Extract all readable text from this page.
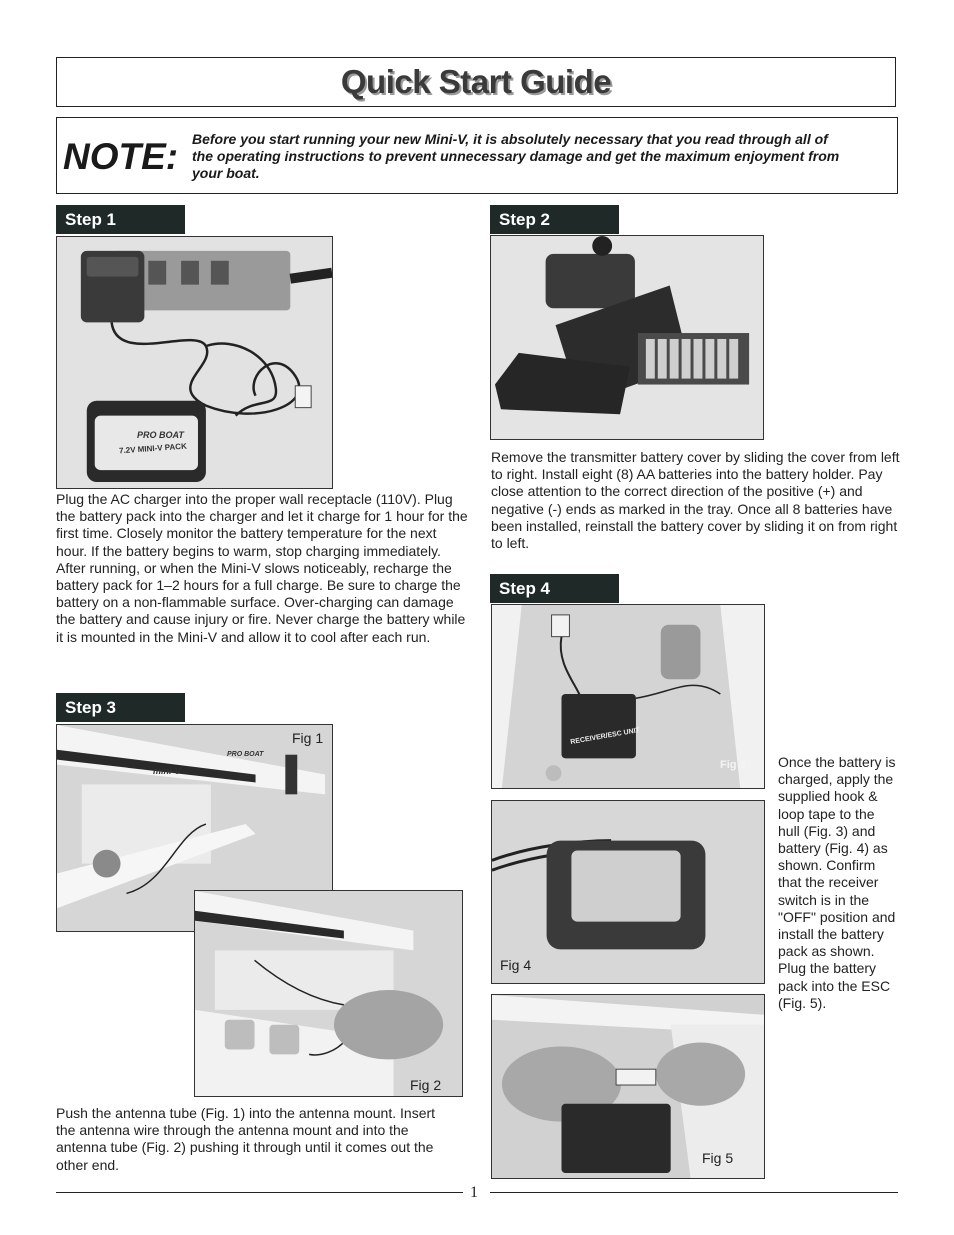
Quick Start Guide
NOTE: Before you start running your new Mini-V, it is absolutely necessary that you read through all of the operating instructions to prevent unnecessary damage and get the maximum enjoyment from your boat.
Step 1
PRO BOAT
7.2V MINI-V PACK

Plug the AC charger into the proper wall receptacle (110V). Plug the battery pack into the charger and let it charge for 1 hour for the first time. Closely monitor the battery temperature for the next hour. If the battery begins to warm, stop charging immediately.
After running, or when the Mini-V slows noticeably, recharge the battery pack for 1–2 hours for a full charge. Be sure to charge the battery on a non-flammable surface. Over-charging can damage the battery and cause injury or fire. Never charge the battery while it is mounted in the Mini-V and allow it to cool after each run.

Step 2

Remove the transmitter battery cover by sliding the cover from left to right. Install eight (8) AA batteries into the battery holder. Pay close attention to the correct direction of the positive (+) and negative (-) ends as marked in the tray. Once all 8 batteries have been installed, reinstall the battery cover by sliding it on from right to left.

Step 3
mini-V
PRO BOAT
Fig 1
Fig 2

Push the antenna tube (Fig. 1) into the antenna mount. Insert the antenna wire through the antenna mount and into the antenna tube (Fig. 2) pushing it through until it comes out the other end.

Step 4
RECEIVER/ESC UNIT
Fig 3
Fig 4
Fig 5

Once the battery is charged, apply the supplied hook & loop tape to the hull (Fig. 3) and battery (Fig. 4) as shown. Confirm that the receiver switch is in the "OFF" position and install the battery pack as shown. Plug the battery pack into the ESC (Fig. 5).

1
